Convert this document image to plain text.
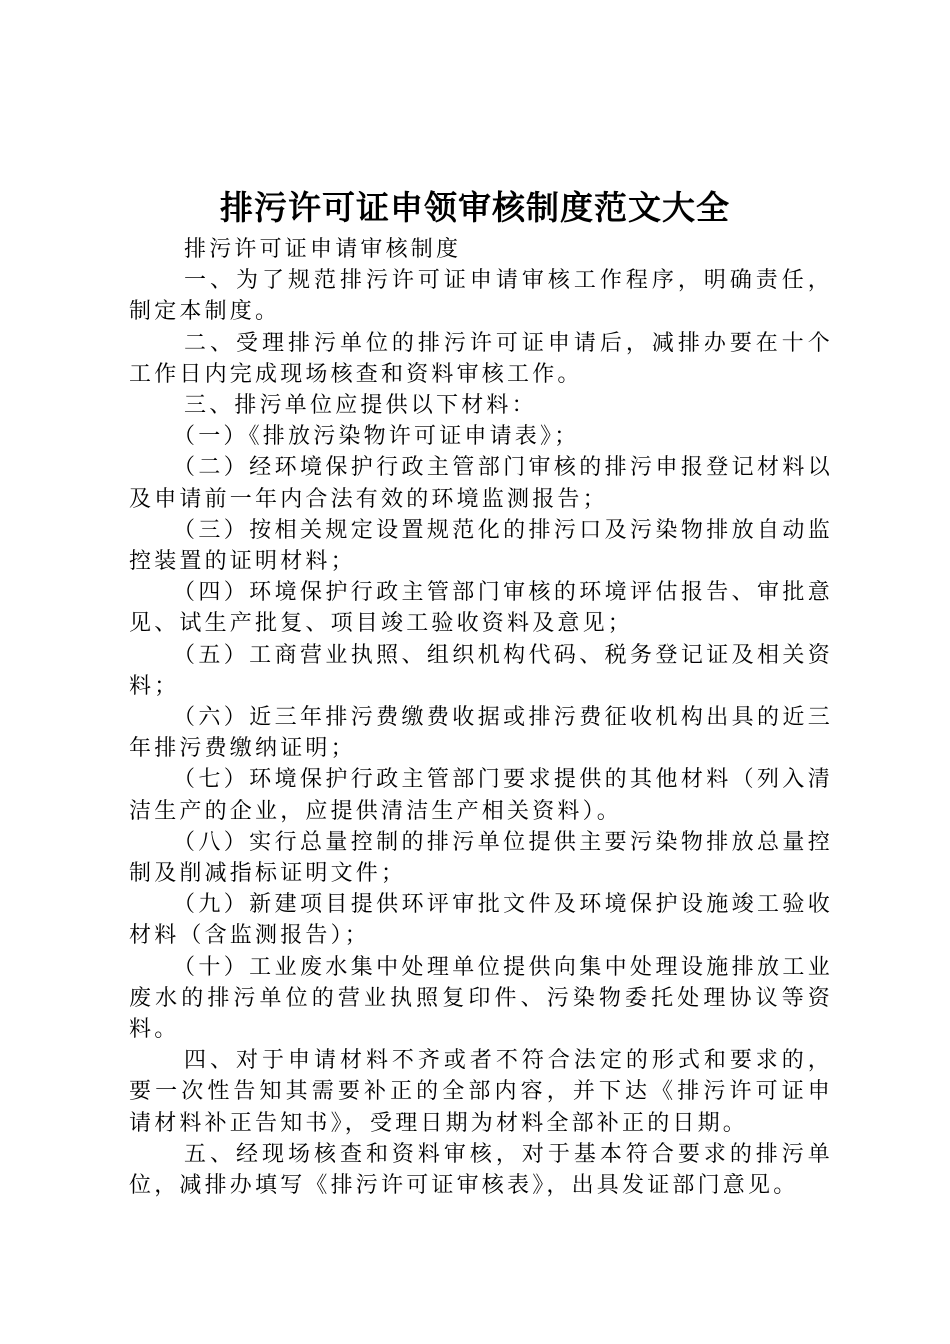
排污许可证申领审核制度范文大全

排污许可证申请审核制度

一、为了规范排污许可证申请审核工作程序，明确责任，制定本制度。

二、受理排污单位的排污许可证申请后，减排办要在十个工作日内完成现场核查和资料审核工作。

三、排污单位应提供以下材料：

（一）《排放污染物许可证申请表》；

（二）经环境保护行政主管部门审核的排污申报登记材料以及申请前一年内合法有效的环境监测报告；

（三）按相关规定设置规范化的排污口及污染物排放自动监控装置的证明材料；

（四）环境保护行政主管部门审核的环境评估报告、审批意见、试生产批复、项目竣工验收资料及意见；

（五）工商营业执照、组织机构代码、税务登记证及相关资料；

（六）近三年排污费缴费收据或排污费征收机构出具的近三年排污费缴纳证明；

（七）环境保护行政主管部门要求提供的其他材料（列入清洁生产的企业，应提供清洁生产相关资料）。

（八）实行总量控制的排污单位提供主要污染物排放总量控制及削减指标证明文件；

（九）新建项目提供环评审批文件及环境保护设施竣工验收材料（含监测报告）；

（十）工业废水集中处理单位提供向集中处理设施排放工业废水的排污单位的营业执照复印件、污染物委托处理协议等资料。

四、对于申请材料不齐或者不符合法定的形式和要求的，要一次性告知其需要补正的全部内容，并下达《排污许可证申请材料补正告知书》，受理日期为材料全部补正的日期。

五、经现场核查和资料审核，对于基本符合要求的排污单位，减排办填写《排污许可证审核表》，出具发证部门意见。
